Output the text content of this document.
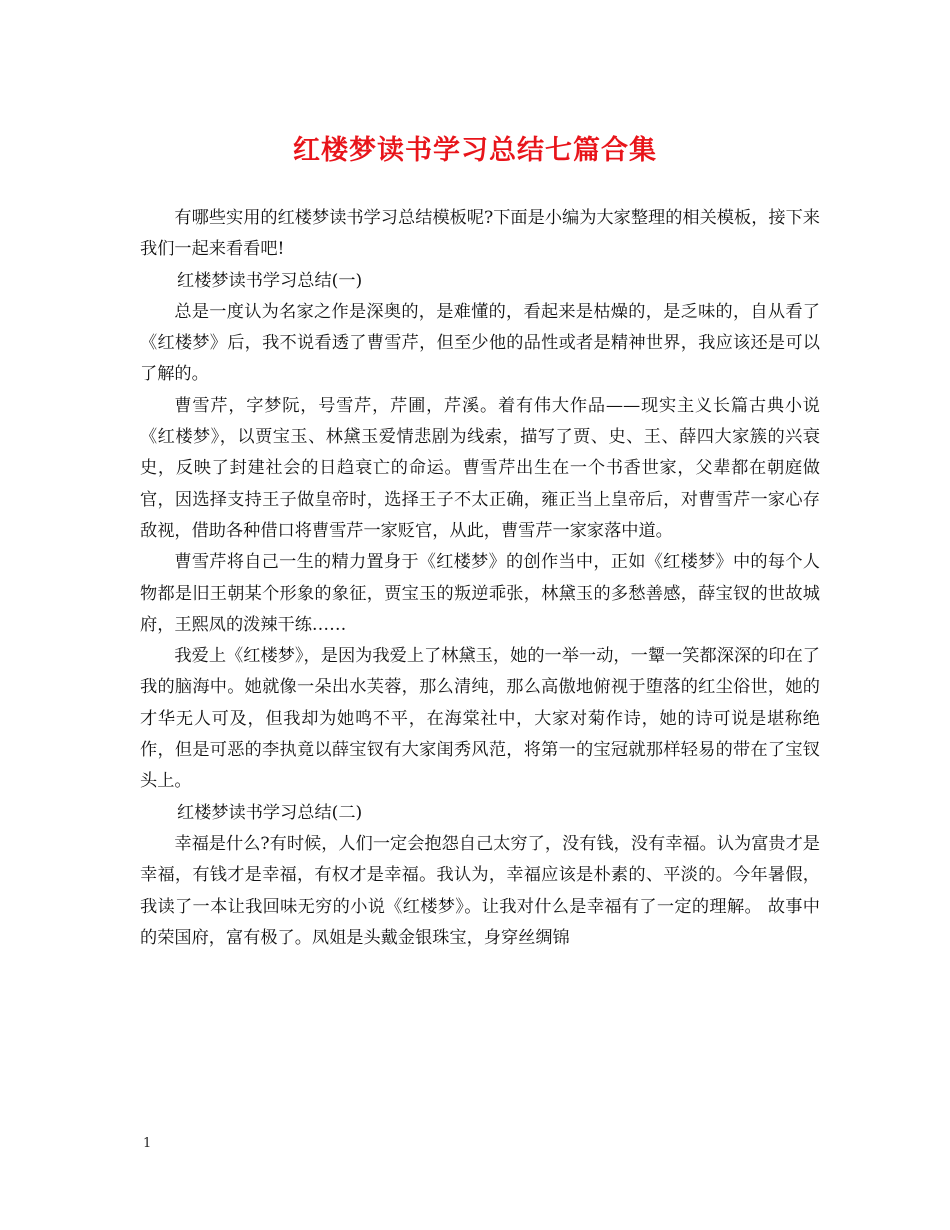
红楼梦读书学习总结七篇合集

有哪些实用的红楼梦读书学习总结模板呢?下面是小编为大家整理的相关模板，接下来我们一起来看看吧!

红楼梦读书学习总结(一)

总是一度认为名家之作是深奥的，是难懂的，看起来是枯燥的，是乏味的，自从看了《红楼梦》后，我不说看透了曹雪芹，但至少他的品性或者是精神世界，我应该还是可以了解的。

曹雪芹，字梦阮，号雪芹，芹圃，芹溪。着有伟大作品——现实主义长篇古典小说《红楼梦》，以贾宝玉、林黛玉爱情悲剧为线索，描写了贾、史、王、薛四大家簇的兴衰史，反映了封建社会的日趋衰亡的命运。曹雪芹出生在一个书香世家，父辈都在朝庭做官，因选择支持王子做皇帝时，选择王子不太正确，雍正当上皇帝后，对曹雪芹一家心存敌视，借助各种借口将曹雪芹一家贬官，从此，曹雪芹一家家落中道。

曹雪芹将自己一生的精力置身于《红楼梦》的创作当中，正如《红楼梦》中的每个人物都是旧王朝某个形象的象征，贾宝玉的叛逆乖张，林黛玉的多愁善感，薛宝钗的世故城府，王熙凤的泼辣干练……

我爱上《红楼梦》，是因为我爱上了林黛玉，她的一举一动，一颦一笑都深深的印在了我的脑海中。她就像一朵出水芙蓉，那么清纯，那么高傲地俯视于堕落的红尘俗世，她的才华无人可及，但我却为她鸣不平，在海棠社中，大家对菊作诗，她的诗可说是堪称绝作，但是可恶的李执竟以薛宝钗有大家闺秀风范，将第一的宝冠就那样轻易的带在了宝钗头上。

红楼梦读书学习总结(二)

幸福是什么?有时候，人们一定会抱怨自己太穷了，没有钱，没有幸福。认为富贵才是幸福，有钱才是幸福，有权才是幸福。我认为，幸福应该是朴素的、平淡的。今年暑假，我读了一本让我回味无穷的小说《红楼梦》。让我对什么是幸福有了一定的理解。 故事中的荣国府，富有极了。凤姐是头戴金银珠宝，身穿丝绸锦

1
